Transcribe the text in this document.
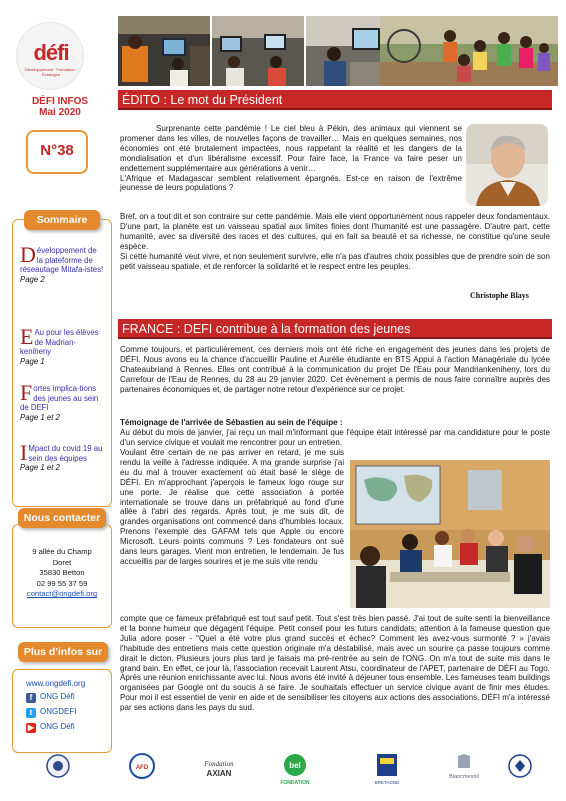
défi
Développement · Formation · Échanges
DÉFI INFOS
Mai 2020
N°38
Sommaire
Développement de la plateforme de réseautage Mitafa-istes!
Page 2
E Au pour les élèves de Madrian-keniheny
Page 1
Fortes implica-tions des jeunes au sein de DEFI
Page 1 et 2
I Mpact du covid 19 au sein des équipes
Page 1 et 2
Nous contacter
9 allée du Champ
Doret
35830 Betton
02 99 55 37 59
contact@ongdefi.org
Plus d'infos sur
www.ongdefi.org
f ONG Défi
t ONGDEFI
▶ ONG Défi
ÉDITO : Le mot du Président

Surprenante cette pandémie ! Le ciel bleu à Pékin, des animaux qui viennent se promener dans les villes, de nouvelles façons de travailler… Mais en quelques semaines, nos économies ont été brutalement impactées, nous rappelant la réalité et les dangers de la mondialisation et d'un libéralisme excessif. Pour faire face, la France va faire peser un endettement supplémentaire aux générations à venir…

L'Afrique et Madagascar semblent relativement épargnés. Est-ce en raison de l'extrême jeunesse de leurs populations ?

Bref, on a tout dit et son contraire sur cette pandémie. Mais elle vient opportunément nous rappeler deux fondamentaux. D'une part, la planète est un vaisseau spatial aux limites finies dont l'humanité est une passagère. D'autre part, cette humanité, avec sa diversité des races et des cultures, qui en fait sa beauté et sa richesse, ne constitue qu'une seule espèce.

Si cette humanité veut vivre, et non seulement survivre, elle n'a pas d'autres choix possibles que de prendre soin de son petit vaisseau spatiale, et de renforcer la solidarité et le respect entre les peuples.

Christophe Blays
FRANCE : DEFI contribue à la formation des jeunes

Comme toujours, et particulièrement, ces derniers mois ont été riche en engagement des jeunes dans les projets de DÉFI. Nous avons eu la chance d'accueillir Pauline et Aurélie étudiante en BTS Appui à l'action Managériale du lycée Chateaubriand à Rennes. Elles ont contribué à la communication du projet De l'Eau pour Mandriankeniheny, lors du Carrefour de l'Eau de Rennes, du 28 au 29 janvier 2020. Cet évènement a permis de nous faire connaître auprès des partenaires économiques et, de partager notre retour d'expérience sur ce projet.

Témoignage de l'arrivée de Sébastien au sein de l'équipe :

Au début du mois de janvier, j'ai reçu un mail m'informant que l'équipe était intéressé par ma candidature pour le poste d'un service civique et voulait me rencontrer pour un entretien.

Voulant être certain de ne pas arriver en retard, je me suis rendu la veille à l'adresse indiquée. A ma grande surprise j'ai eu du mal à trouver exactement où était basé le siège de DÉFI. En m'approchant j'aperçois le fameux logo rouge sur une porte. Je réalise que cette association à portée internationale se trouve dans un préfabriqué au fond d'une allée à l'abri des regards. Après tout, je me suis dit, de grandes organisations ont commencé dans d'humbles locaux. Prenons l'exemple des GAFAM tels que Apple ou encore Microsoft. Leurs points communs ? Les fondateurs ont sué dans leurs garages. Vient mon entretien, le lendemain. Je fus accueillis par de larges sourires et je me suis vite rendu

compte que ce fameux préfabriqué est tout sauf petit. Tout s'est très bien passé. J'ai tout de suite senti la bienveillance et la bonne humeur que dégagent l'équipe. Petit conseil pour les futurs candidats; attention à la fameuse question que Julia adore poser - "Quel a été votre plus grand succès et échec? Comment les avez-vous surmonté ? » j'avais l'habitude des entretiens mais cette question originale m'a déstabilisé, mais avec un sourire ça passe toujours comme dirait le dicton. Plusieurs jours plus tard je faisais ma pré-rentrée au sein de l'ONG. On m'a tout de suite mis dans le grand bain. En effet, ce jour là, l'association recevait Laurent Atsu, coordinateur de l'APET, partenaire de DÉFI au Togo. Après une réunion enrichissante avec lui. Nous avons été invité à déjeuner tous ensemble. Les fameuses team buildings organisées par Google ont du soucis à se faire. Je souhaitais effectuer un service civique avant de finir mes études. Pour moi il est essentiel de venir en aide et de sensibiliser les citoyens aux actions des associations. DÉFI m'a intéressé par ses actions dans les pays du sud.

AFD	Fondation
AXIAN
bel
FONDATION	BRETAGNE
Blancmesnil
